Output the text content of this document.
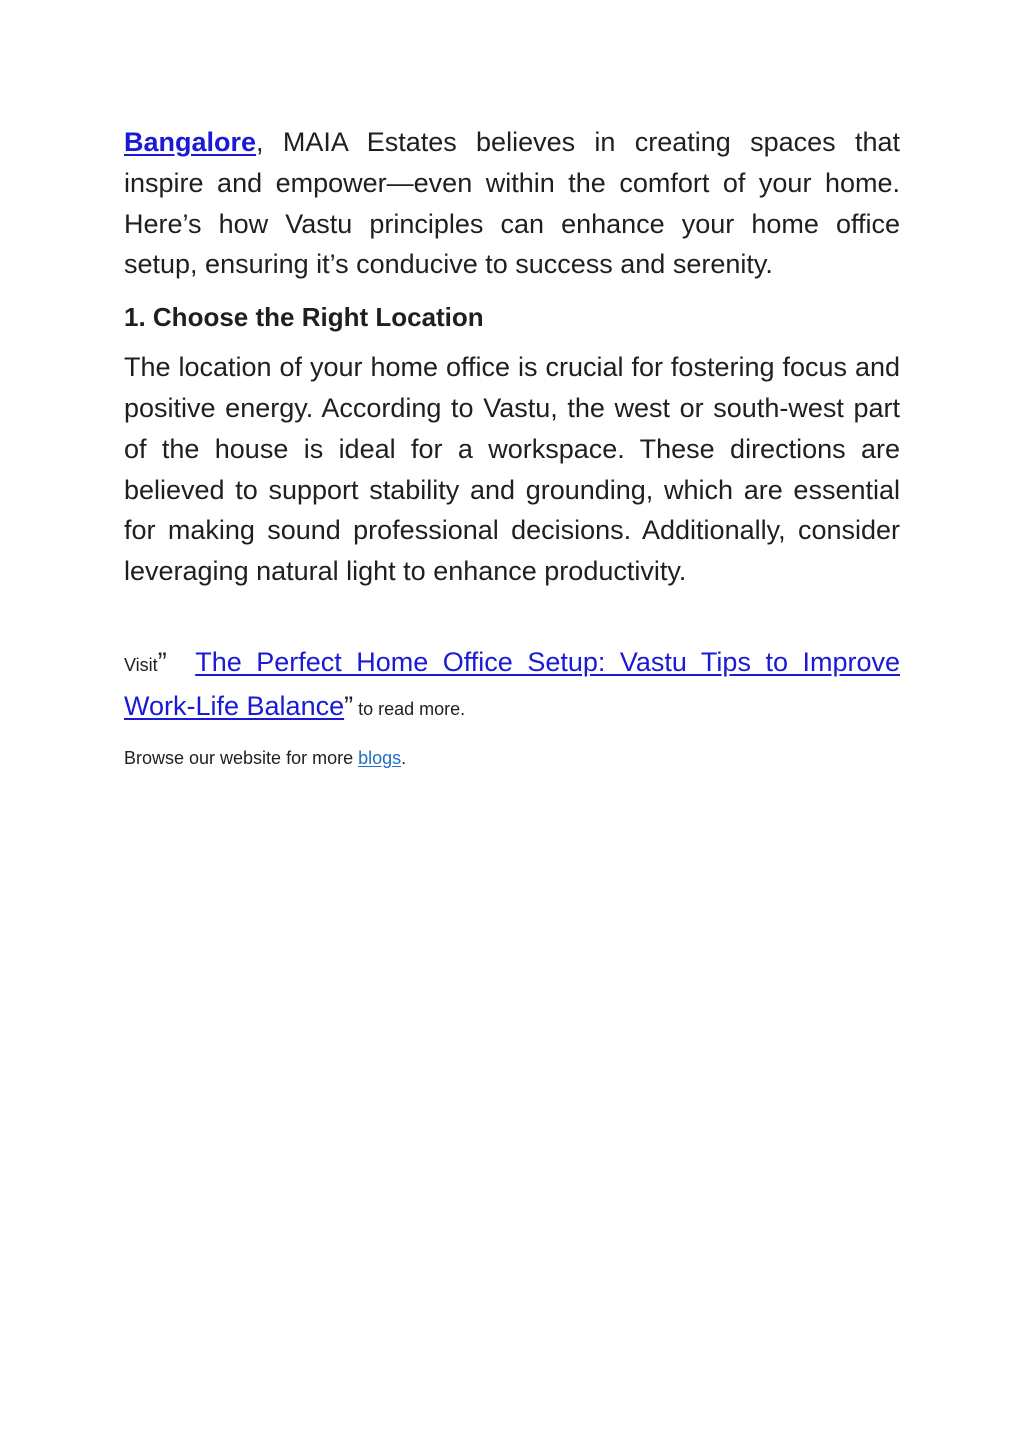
Bangalore, MAIA Estates believes in creating spaces that inspire and empower—even within the comfort of your home. Here’s how Vastu principles can enhance your home office setup, ensuring it’s conducive to success and serenity.

1. Choose the Right Location

The location of your home office is crucial for fostering focus and positive energy. According to Vastu, the west or south-west part of the house is ideal for a workspace. These directions are believed to support stability and grounding, which are essential for making sound professional decisions. Additionally, consider leveraging natural light to enhance productivity.

Visit” The Perfect Home Office Setup: Vastu Tips to Improve Work-Life Balance” to read more.

Browse our website for more blogs.
